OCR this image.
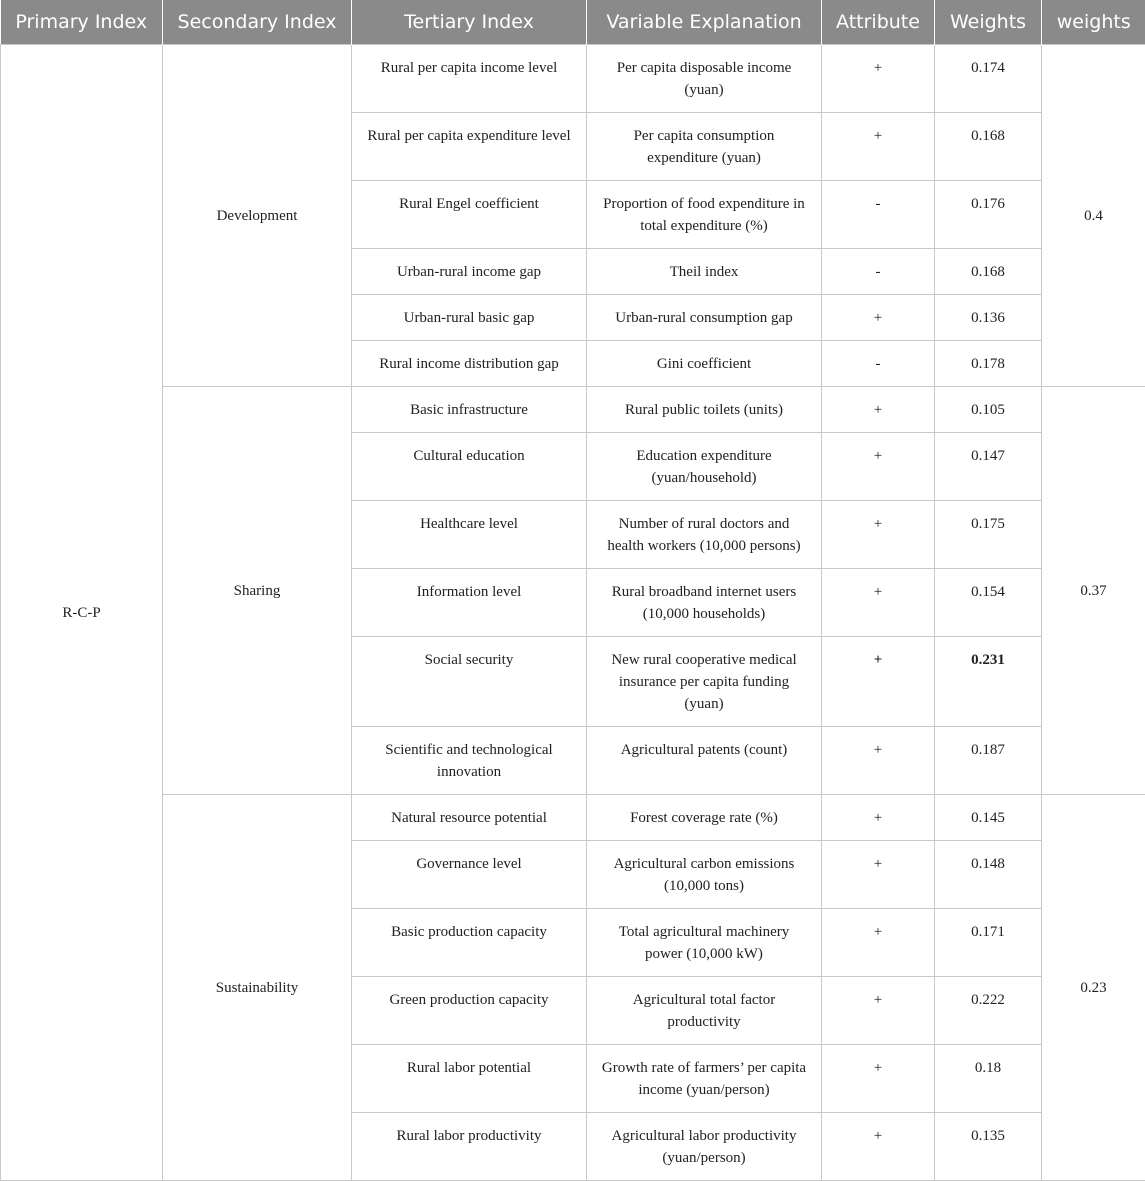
Primary Index	Secondary Index	Tertiary Index	Variable Explanation	Attribute	Weights	weights
R-C-P	Development	Rural per capita income level	Per capita disposable income (yuan)	+	0.174	0.4
		Rural per capita expenditure level	Per capita consumption expenditure (yuan)	+	0.168	
		Rural Engel coefficient	Proportion of food expenditure in total expenditure (%)	-	0.176	
		Urban-rural income gap	Theil index	-	0.168	
		Urban-rural basic gap	Urban-rural consumption gap	+	0.136	
		Rural income distribution gap	Gini coefficient	-	0.178	
	Sharing	Basic infrastructure	Rural public toilets (units)	+	0.105	0.37
		Cultural education	Education expenditure (yuan/household)	+	0.147	
		Healthcare level	Number of rural doctors and health workers (10,000 persons)	+	0.175	
		Information level	Rural broadband internet users (10,000 households)	+	0.154	
		Social security	New rural cooperative medical insurance per capita funding (yuan)	+	0.231	
		Scientific and technological innovation	Agricultural patents (count)	+	0.187	
	Sustainability	Natural resource potential	Forest coverage rate (%)	+	0.145	0.23
		Governance level	Agricultural carbon emissions (10,000 tons)	+	0.148	
		Basic production capacity	Total agricultural machinery power (10,000 kW)	+	0.171	
		Green production capacity	Agricultural total factor productivity	+	0.222	
		Rural labor potential	Growth rate of farmers’ per capita income (yuan/person)	+	0.18	
		Rural labor productivity	Agricultural labor productivity (yuan/person)	+	0.135	
